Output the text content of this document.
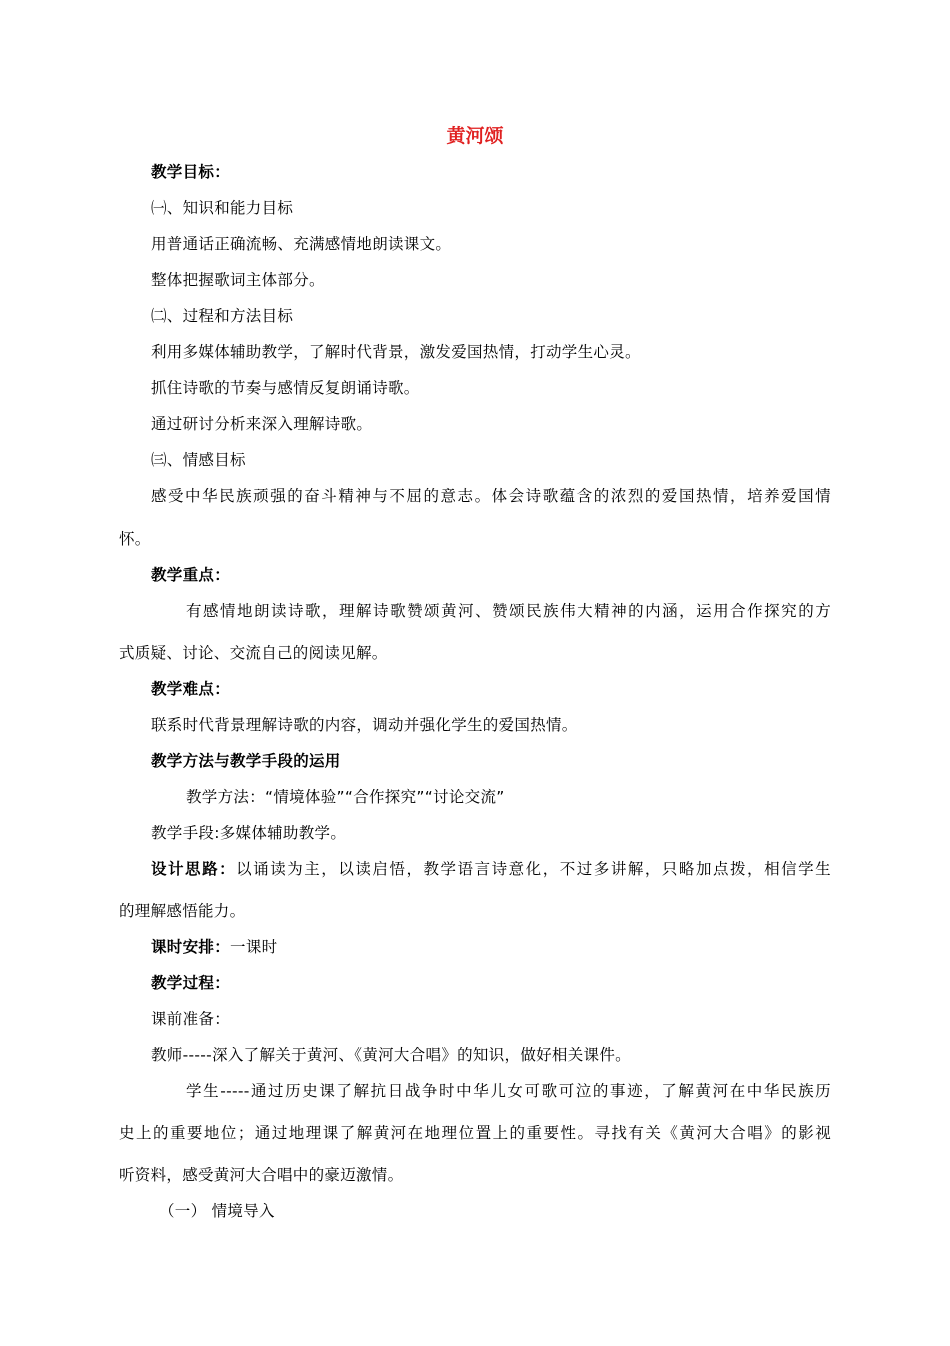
黄河颂
教学目标：
㈠、知识和能力目标
用普通话正确流畅、充满感情地朗读课文。
整体把握歌词主体部分。
㈡、过程和方法目标
利用多媒体辅助教学，了解时代背景，激发爱国热情，打动学生心灵。
抓住诗歌的节奏与感情反复朗诵诗歌。
通过研讨分析来深入理解诗歌。
㈢、情感目标
感受中华民族顽强的奋斗精神与不屈的意志。体会诗歌蕴含的浓烈的爱国热情，培养爱国情
怀。
教学重点：
有感情地朗读诗歌，理解诗歌赞颂黄河、赞颂民族伟大精神的内涵，运用合作探究的方
式质疑、讨论、交流自己的阅读见解。
教学难点：
联系时代背景理解诗歌的内容，调动并强化学生的爱国热情。
教学方法与教学手段的运用
教学方法：“情境体验”“合作探究”“讨论交流”
教学手段:多媒体辅助教学。
设计思路：以诵读为主，以读启悟，教学语言诗意化，不过多讲解，只略加点拨，相信学生
的理解感悟能力。
课时安排：一课时
教学过程：
课前准备：
教师-----深入了解关于黄河、《黄河大合唱》的知识，做好相关课件。
学生-----通过历史课了解抗日战争时中华儿女可歌可泣的事迹，了解黄河在中华民族历
史上的重要地位；通过地理课了解黄河在地理位置上的重要性。寻找有关《黄河大合唱》的影视
听资料，感受黄河大合唱中的豪迈激情。
（一） 情境导入
